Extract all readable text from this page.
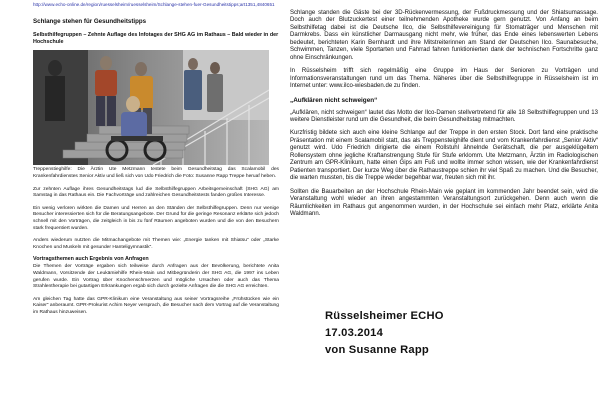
http://www.echo-online.de/region/ruesselsheim/ruesselsheim/Schlange-stehen-fuer-Gesundheitstipps;art1351,4840651
Schlange stehen für Gesundheitstipps
Selbsthilfegruppen – Zehnte Auflage des Infotages der SHG AG im Rathaus – Bald wieder in der Hochschule

Treppenstieghilfe: Die Ärztin Ute Metzmann testete beim Gesundheitstag das Scalamobil des Krankenfahrdienstes Senior Aktiv und ließ sich von Udo Friedrich die Foto: Susanne Rapp Treppe heruaf heben.

Zur zehnten Auflage ihres Gesundheitstags lud die Selbsthilfegruppen Arbeitsgemeinschaft (SHG AG) am Samstag in das Rathaus ein. Die Fachvorträge und zahlreichen Gesundheitstests fanden großes Interesse.

Ein wenig verloren wirkten die Damen und Herren an den Ständen der Selbsthilfegruppen. Denn nur wenige Besucher interessierten sich für die Beratungsangebote. Der Grund für die geringe Resonanz erklärte sich jedoch schnell mit den Vorträgen, die zeitgleich in bis zu fünf Räumen angeboten wurden und die von den Besuchern stark frequentiert wurden.

Anders wiederum nutzten die Mitmachangebote mit Themen wie: „Energie tanken mit Shiatsu“ oder „Starke Knochen und Muskeln mit gesunder Hanteligymnastik“.

Vortragsthemen auch Ergebnis von Anfragen

Die Themen der Vorträge ergaben sich teilweise durch Anfragen aus der Bevölkerung, berichtete Anita Waldmann, Vorsitzende der Leukämiehilfe Rhein-Main und Mitbegründerin der SHG AG, die 1997 ins Leben gerufen wurde. Ein Vortrag über Knochenschmerzen und mögliche Ursachen oder auch das Thema Strahlentherapie bei gutartigen Erkrankungen ergab sich durch gezielte Anfragen die die SHG AG erreichten.

Am gleichen Tag hatte das GPR-Klinikum eine Veranstaltung aus seiner Vortragsreihe „Frühstücken wie ein Kaiser“ anberaumt. GPR-Prokurist Achim Neyer versprach, die Besucher nach dem Vortrag auf die Veranstaltung im Rathaus hinzuweisen.

Schlange standen die Gäste bei der 3D-Rückenvermessung, der Fußdruckmessung und der Shiatsumassage. Doch auch der Blutzuckertest einer teilnehmenden Apotheke wurde gern genutzt. Von Anfang an beim Selbsthilfetag dabei ist die Deutsche Ilco, die Selbsthilfevereinigung für Stomaträger und Menschen mit Darmkrebs. Dass ein künstlicher Darmausgang nicht mehr, wie früher, das Ende eines lebenswerten Lebens bedeutet, berichteten Karin Bernhardt und ihre Mitstreiterinnen am Stand der Deutschen Ilco. Saunabesuche, Schwimmen, Tanzen, viele Sportarten und Fahrrad fahren funktionierten dank der technischen Fortschritte ganz ohne Einschränkungen.

In Rüsselsheim trifft sich regelmäßig eine Gruppe im Haus der Senioren zu Vorträgen und Informationsveranstaltungen rund um das Thema. Näheres über die Selbsthilfegruppe in Rüsselsheim ist im Internet unter: www.ilco-wiesbaden.de zu finden.

„Aufklären nicht schweigen“

„Aufklären, nicht schweigen“ lautet das Motto der Ilco-Damen stellvertretend für alle 18 Selbsthilfegruppen und 13 weitere Dienstleister rund um die Gesundheit, die beim Gesundheitstag mitmachten.

Kurzfristig bildete sich auch eine kleine Schlange auf der Treppe in den ersten Stock. Dort fand eine praktische Präsentation mit einem Scalamobil statt, das als Treppensteighilfe dient und vom Krankenfahrdienst „Senior Aktiv“ genutzt wird. Udo Friedrich dirigierte die einem Rollstuhl ähnelnde Gerätschaft, die per ausgeklügeltem Rollensystem ohne jegliche Kraftanstrengung Stufe für Stufe erklomm. Ute Metzmann, Ärztin im Radiologischen Zentrum am GPR-Klinikum, hatte einen Gips am Fuß und wollte immer schon wissen, wie der Krankenfahrdienst Patienten transportiert. Der kurze Weg über die Rathaustreppe schien ihr viel Spaß zu machen. Und die Besucher, die warten mussten, bis die Treppe wieder begehbar war, freuten sich mit ihr.

Sollten die Bauarbeiten an der Hochschule Rhein-Main wie geplant im kommenden Jahr beendet sein, wird die Veranstaltung wohl wieder an ihren angestammten Veranstaltungsort zurückgehen. Denn auch wenn die Räumlichkeiten im Rathaus gut angenommen wurden, in der Hochschule sei einfach mehr Platz, erklärte Anita Waldmann.

Rüsselsheimer ECHO
17.03.2014
von Susanne Rapp
